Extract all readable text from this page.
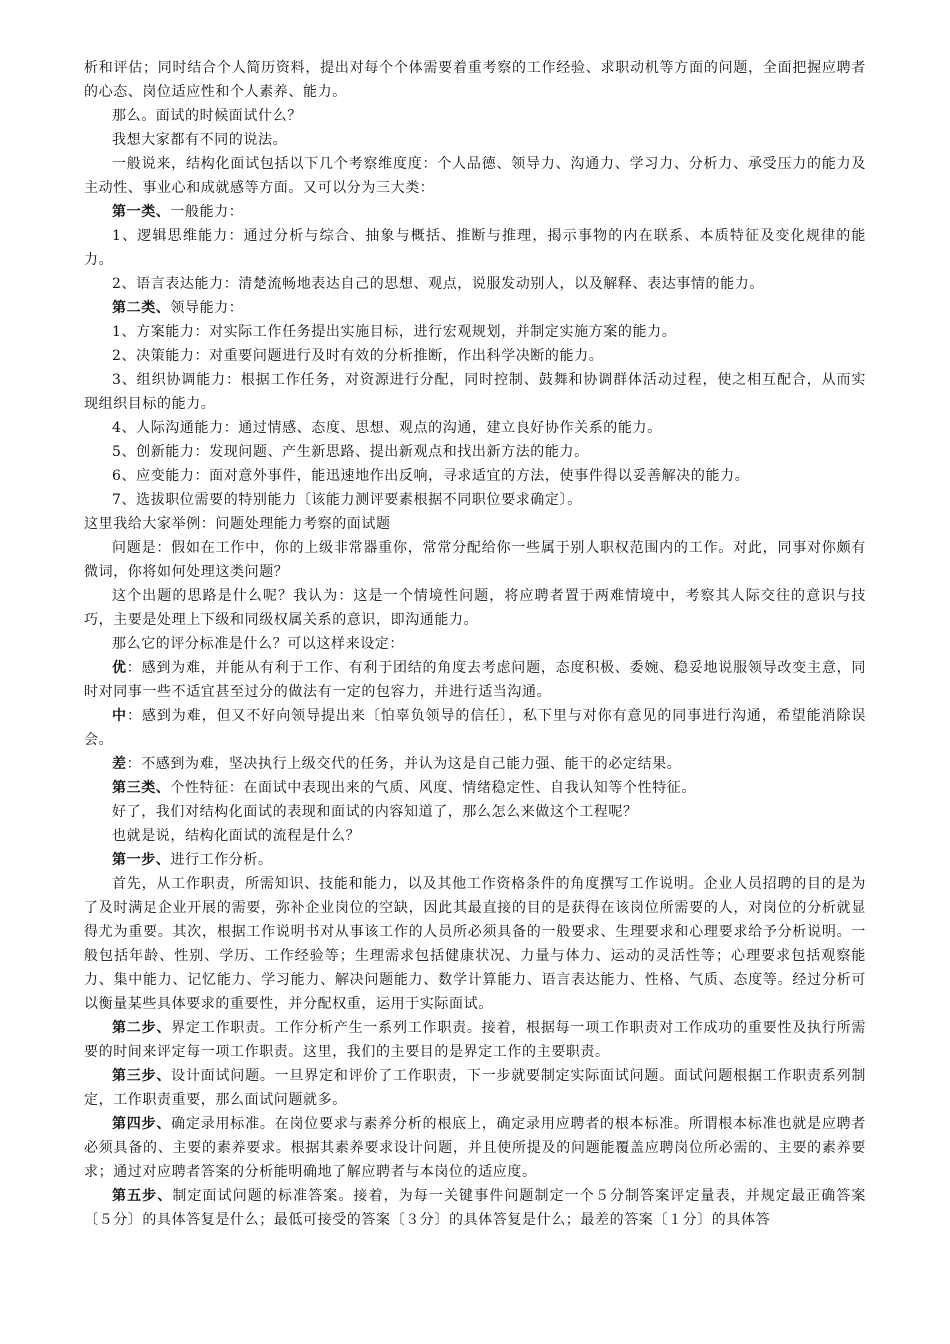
析和评估；同时结合个人简历资料，提出对每个个体需要着重考察的工作经验、求职动机等方面的问题，全面把握应聘者的心态、岗位适应性和个人素养、能力。

那么。面试的时候面试什么？

我想大家都有不同的说法。

一般说来，结构化面试包括以下几个考察维度度：个人品德、领导力、沟通力、学习力、分析力、承受压力的能力及主动性、事业心和成就感等方面。又可以分为三大类：

第一类、一般能力：

1、逻辑思维能力：通过分析与综合、抽象与概括、推断与推理，揭示事物的内在联系、本质特征及变化规律的能力。

2、语言表达能力：清楚流畅地表达自己的思想、观点，说服发动别人，以及解释、表达事情的能力。

第二类、领导能力：

1、方案能力：对实际工作任务提出实施目标，进行宏观规划，并制定实施方案的能力。

2、决策能力：对重要问题进行及时有效的分析推断，作出科学决断的能力。

3、组织协调能力：根据工作任务，对资源进行分配，同时控制、鼓舞和协调群体活动过程，使之相互配合，从而实现组织目标的能力。

4、人际沟通能力：通过情感、态度、思想、观点的沟通，建立良好协作关系的能力。

5、创新能力：发现问题、产生新思路、提出新观点和找出新方法的能力。

6、应变能力：面对意外事件，能迅速地作出反响，寻求适宜的方法，使事件得以妥善解决的能力。

7、选拔职位需要的特别能力〔该能力测评要素根据不同职位要求确定〕。

这里我给大家举例：问题处理能力考察的面试题

问题是：假如在工作中，你的上级非常器重你，常常分配给你一些属于别人职权范围内的工作。对此，同事对你颇有微词，你将如何处理这类问题？

这个出题的思路是什么呢？我认为：这是一个情境性问题，将应聘者置于两难情境中，考察其人际交往的意识与技巧，主要是处理上下级和同级权属关系的意识，即沟通能力。

那么它的评分标准是什么？可以这样来设定：

优：感到为难，并能从有利于工作、有利于团结的角度去考虑问题，态度积极、委婉、稳妥地说服领导改变主意，同时对同事一些不适宜甚至过分的做法有一定的包容力，并进行适当沟通。

中：感到为难，但又不好向领导提出来〔怕辜负领导的信任〕，私下里与对你有意见的同事进行沟通，希望能消除误会。

差：不感到为难，坚决执行上级交代的任务，并认为这是自己能力强、能干的必定结果。

第三类、个性特征：在面试中表现出来的气质、风度、情绪稳定性、自我认知等个性特征。

好了，我们对结构化面试的表现和面试的内容知道了，那么怎么来做这个工程呢？

也就是说，结构化面试的流程是什么？

第一步、进行工作分析。

首先，从工作职责，所需知识、技能和能力，以及其他工作资格条件的角度撰写工作说明。企业人员招聘的目的是为了及时满足企业开展的需要，弥补企业岗位的空缺，因此其最直接的目的是获得在该岗位所需要的人，对岗位的分析就显得尤为重要。其次，根据工作说明书对从事该工作的人员所必须具备的一般要求、生理要求和心理要求给予分析说明。一般包括年龄、性别、学历、工作经验等；生理需求包括健康状况、力量与体力、运动的灵活性等；心理要求包括观察能力、集中能力、记忆能力、学习能力、解决问题能力、数学计算能力、语言表达能力、性格、气质、态度等。经过分析可以衡量某些具体要求的重要性，并分配权重，运用于实际面试。

第二步、界定工作职责。工作分析产生一系列工作职责。接着，根据每一项工作职责对工作成功的重要性及执行所需要的时间来评定每一项工作职责。这里，我们的主要目的是界定工作的主要职责。

第三步、设计面试问题。一旦界定和评价了工作职责，下一步就要制定实际面试问题。面试问题根据工作职责系列制定，工作职责重要，那么面试问题就多。

第四步、确定录用标准。在岗位要求与素养分析的根底上，确定录用应聘者的根本标准。所谓根本标准也就是应聘者必须具备的、主要的素养要求。根据其素养要求设计问题，并且使所提及的问题能覆盖应聘岗位所必需的、主要的素养要求；通过对应聘者答案的分析能明确地了解应聘者与本岗位的适应度。

第五步、制定面试问题的标准答案。接着，为每一关键事件问题制定一个５分制答案评定量表，并规定最正确答案〔５分〕的具体答复是什么；最低可接受的答案〔３分〕的具体答复是什么；最差的答案〔１分〕的具体答
